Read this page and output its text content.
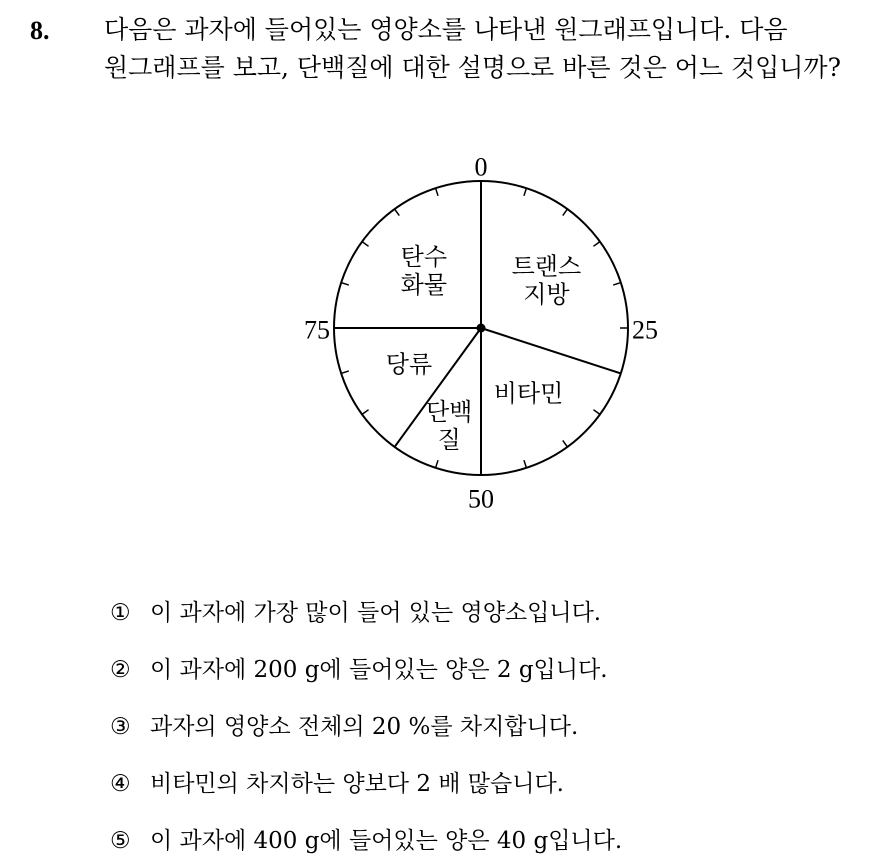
8. 다음은 과자에 들어있는 영양소를 나타낸 원그래프입니다. 다음
원그래프를 보고, 단백질에 대한 설명으로 바른 것은 어느 것입니까?
트랜스
지방
비타민
단백
질
당류
탄수
화물
0
25
50
75
① 이 과자에 가장 많이 들어 있는 영양소입니다.
② 이 과자에 200 g에 들어있는 양은 2 g입니다.
③ 과자의 영양소 전체의 20 %를 차지합니다.
④ 비타민의 차지하는 양보다 2 배 많습니다.
⑤ 이 과자에 400 g에 들어있는 양은 40 g입니다.
